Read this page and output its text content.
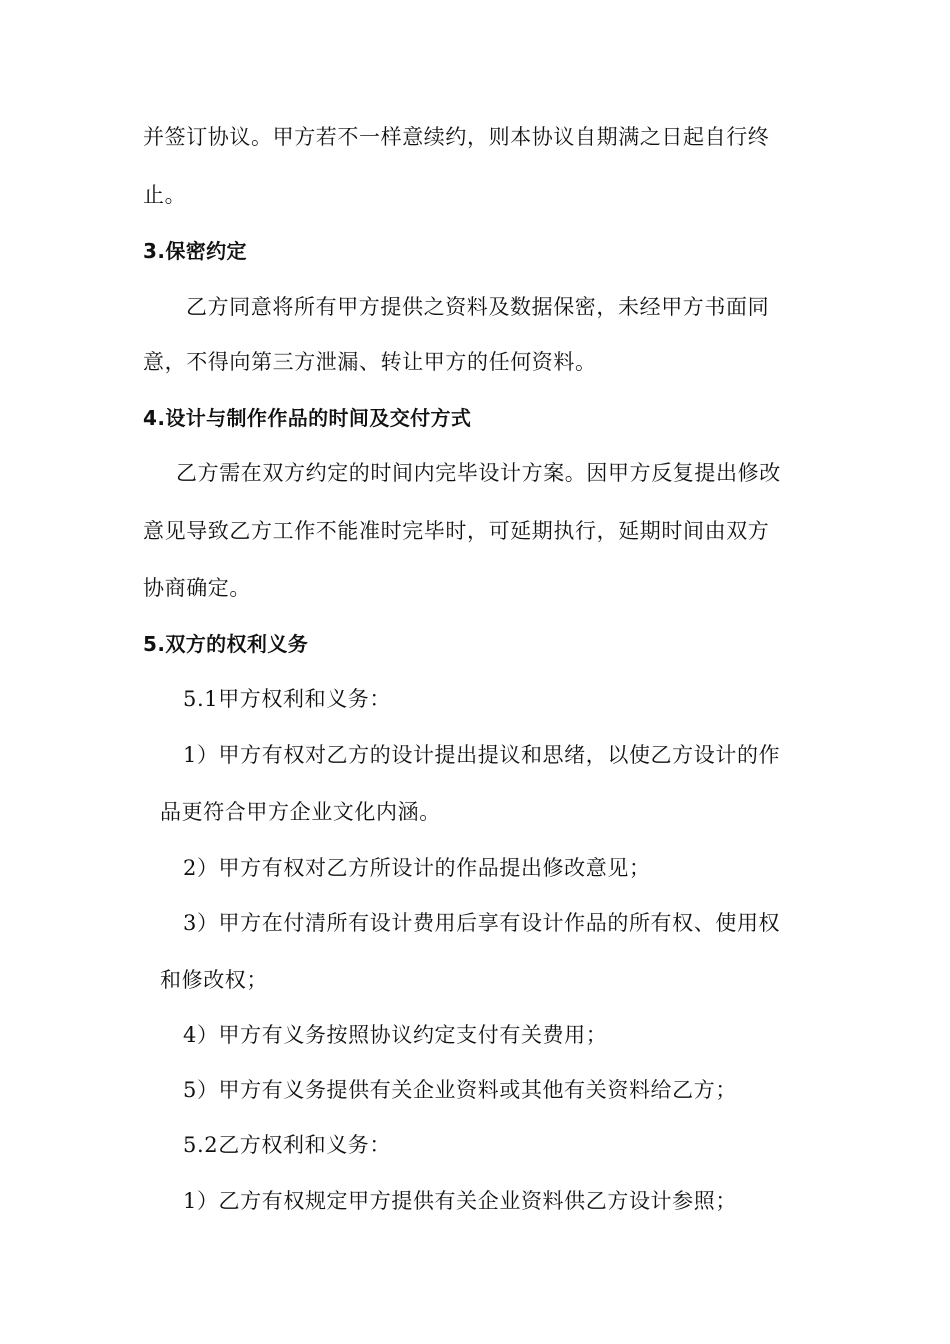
并签订协议。甲方若不一样意续约，则本协议自期满之日起自行终
止。
3.保密约定
乙方同意将所有甲方提供之资料及数据保密，未经甲方书面同
意，不得向第三方泄漏、转让甲方的任何资料。
4.设计与制作作品的时间及交付方式
乙方需在双方约定的时间内完毕设计方案。因甲方反复提出修改
意见导致乙方工作不能准时完毕时，可延期执行，延期时间由双方
协商确定。
5.双方的权利义务
5.1甲方权利和义务：
1）甲方有权对乙方的设计提出提议和思绪，以使乙方设计的作
品更符合甲方企业文化内涵。
2）甲方有权对乙方所设计的作品提出修改意见；
3）甲方在付清所有设计费用后享有设计作品的所有权、使用权
和修改权；
4）甲方有义务按照协议约定支付有关费用；
5）甲方有义务提供有关企业资料或其他有关资料给乙方；
5.2乙方权利和义务：
1）乙方有权规定甲方提供有关企业资料供乙方设计参照；
